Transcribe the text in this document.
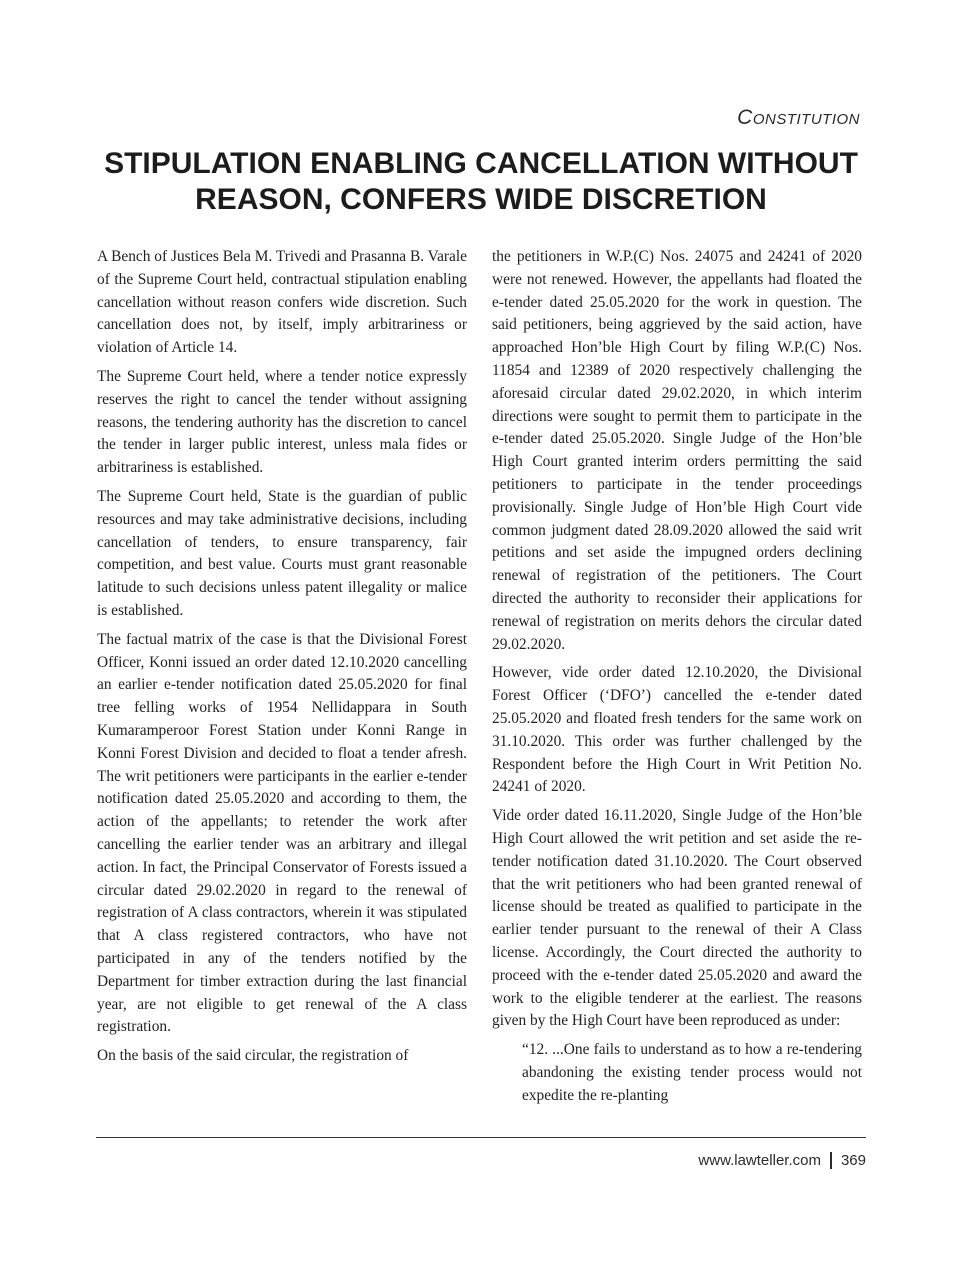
Constitution
STIPULATION ENABLING CANCELLATION WITHOUT REASON, CONFERS WIDE DISCRETION

A Bench of Justices Bela M. Trivedi and Prasanna B. Varale of the Supreme Court held, contractual stipulation enabling cancellation without reason confers wide discretion. Such cancellation does not, by itself, imply arbitrariness or violation of Article 14.

The Supreme Court held, where a tender notice expressly reserves the right to cancel the tender without assigning reasons, the tendering authority has the discretion to cancel the tender in larger public interest, unless mala fides or arbitrariness is established.

The Supreme Court held, State is the guardian of public resources and may take administrative decisions, including cancellation of tenders, to ensure transparency, fair competition, and best value. Courts must grant reasonable latitude to such decisions unless patent illegality or malice is established.

The factual matrix of the case is that the Divisional Forest Officer, Konni issued an order dated 12.10.2020 cancelling an earlier e-tender notification dated 25.05.2020 for final tree felling works of 1954 Nellidappara in South Kumaramperoor Forest Station under Konni Range in Konni Forest Division and decided to float a tender afresh. The writ petitioners were participants in the earlier e-tender notification dated 25.05.2020 and according to them, the action of the appellants; to retender the work after cancelling the earlier tender was an arbitrary and illegal action. In fact, the Principal Conservator of Forests issued a circular dated 29.02.2020 in regard to the renewal of registration of A class contractors, wherein it was stipulated that A class registered contractors, who have not participated in any of the tenders notified by the Department for timber extraction during the last financial year, are not eligible to get renewal of the A class registration.

On the basis of the said circular, the registration of

the petitioners in W.P.(C) Nos. 24075 and 24241 of 2020 were not renewed. However, the appellants had floated the e-tender dated 25.05.2020 for the work in question. The said petitioners, being aggrieved by the said action, have approached Hon’ble High Court by filing W.P.(C) Nos. 11854 and 12389 of 2020 respectively challenging the aforesaid circular dated 29.02.2020, in which interim directions were sought to permit them to participate in the e-tender dated 25.05.2020. Single Judge of the Hon’ble High Court granted interim orders permitting the said petitioners to participate in the tender proceedings provisionally. Single Judge of Hon’ble High Court vide common judgment dated 28.09.2020 allowed the said writ petitions and set aside the impugned orders declining renewal of registration of the petitioners. The Court directed the authority to reconsider their applications for renewal of registration on merits dehors the circular dated 29.02.2020.

However, vide order dated 12.10.2020, the Divisional Forest Officer (‘DFO’) cancelled the e-tender dated 25.05.2020 and floated fresh tenders for the same work on 31.10.2020. This order was further challenged by the Respondent before the High Court in Writ Petition No. 24241 of 2020.

Vide order dated 16.11.2020, Single Judge of the Hon’ble High Court allowed the writ petition and set aside the re-tender notification dated 31.10.2020. The Court observed that the writ petitioners who had been granted renewal of license should be treated as qualified to participate in the earlier tender pursuant to the renewal of their A Class license. Accordingly, the Court directed the authority to proceed with the e-tender dated 25.05.2020 and award the work to the eligible tenderer at the earliest. The reasons given by the High Court have been reproduced as under:

“12. ...One fails to understand as to how a re-tendering abandoning the existing tender process would not expedite the re-planting

www.lawteller.com 369
